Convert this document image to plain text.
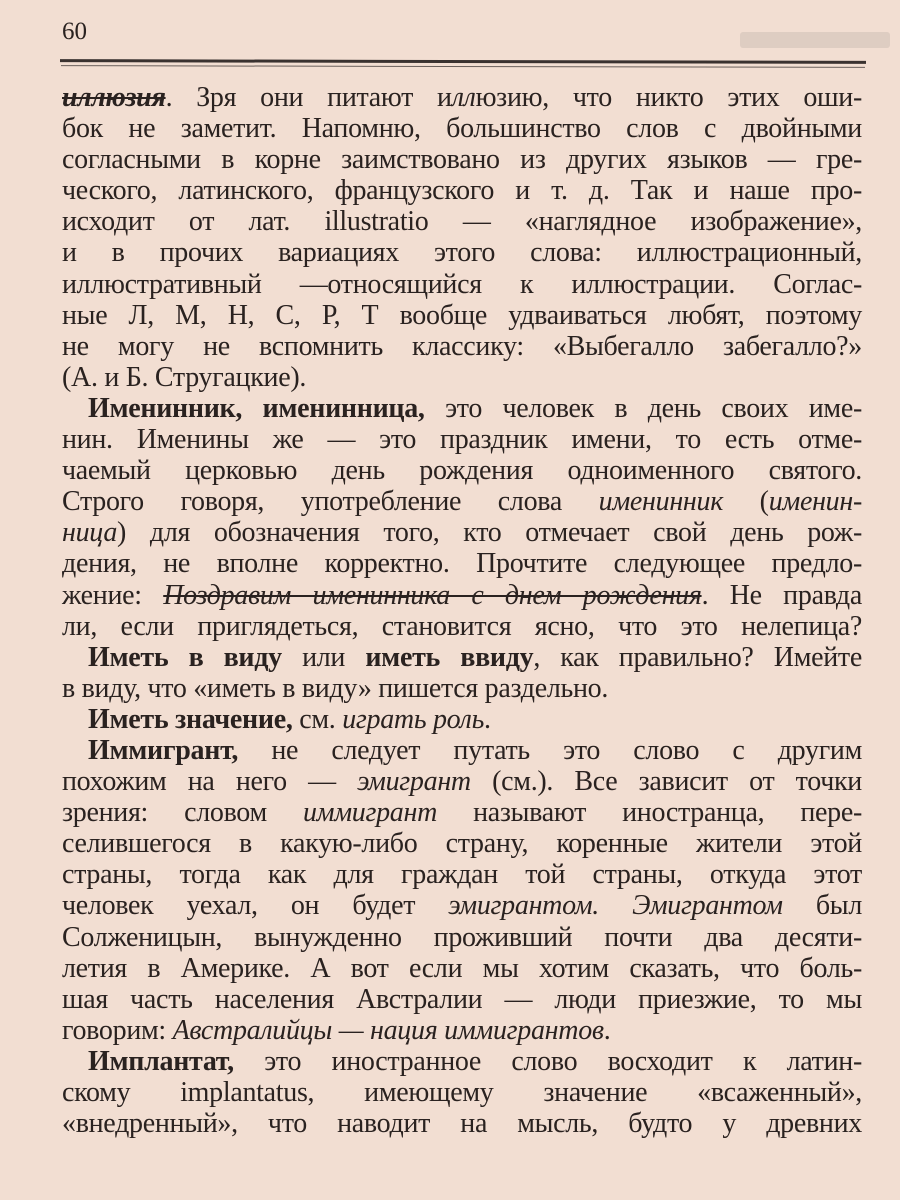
60
иллюзия. Зря они питают иллюзию, что никто этих оши-
бок не заметит. Напомню, большинство слов с двойными
согласными в корне заимствовано из других языков — гре-
ческого, латинского, французского и т. д. Так и наше про-
исходит от лат. illustratio — «наглядное изображение»,
и в прочих вариациях этого слова: иллюстрационный,
иллюстративный —относящийся к иллюстрации. Соглас-
ные Л, М, Н, С, Р, Т вообще удваиваться любят, поэтому
не могу не вспомнить классику: «Выбегалло забегалло?»
(А. и Б. Стругацкие).
Именинник, именинница, это человек в день своих име-
нин. Именины же — это праздник имени, то есть отме-
чаемый церковью день рождения одноименного святого.
Строго говоря, употребление слова именинник (именин-
ница) для обозначения того, кто отмечает свой день рож-
дения, не вполне корректно. Прочтите следующее предло-
жение: Поздравим именинника с днем рождения. Не правда
ли, если приглядеться, становится ясно, что это нелепица?
Иметь в виду или иметь ввиду, как правильно? Имейте
в виду, что «иметь в виду» пишется раздельно.
Иметь значение, см. играть роль.
Иммигрант, не следует путать это слово с другим
похожим на него — эмигрант (см.). Все зависит от точки
зрения: словом иммигрант называют иностранца, пере-
селившегося в какую-либо страну, коренные жители этой
страны, тогда как для граждан той страны, откуда этот
человек уехал, он будет эмигрантом. Эмигрантом был
Солженицын, вынужденно проживший почти два десяти-
летия в Америке. А вот если мы хотим сказать, что боль-
шая часть населения Австралии — люди приезжие, то мы
говорим: Австралийцы — нация иммигрантов.
Имплантат, это иностранное слово восходит к латин-
скому implantatus, имеющему значение «всаженный»,
«внедренный», что наводит на мысль, будто у древних
